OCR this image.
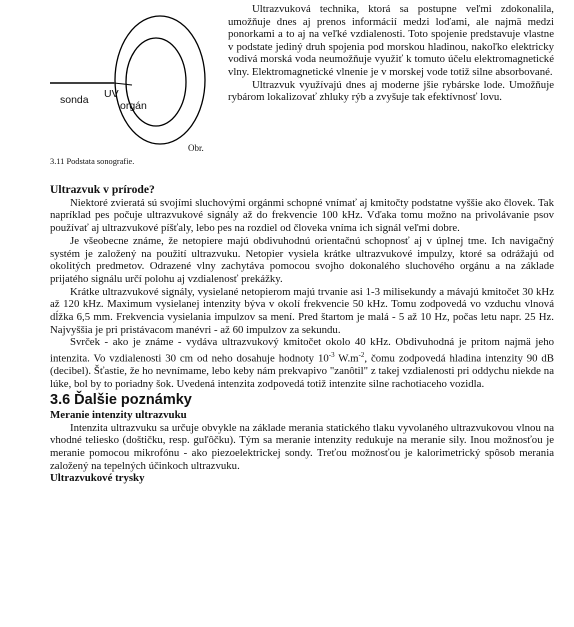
sonda UV
orgán
Obr.
3.11 Podstata sonografie.

Ultrazvuková technika, ktorá sa postupne veľmi zdokonalila, umožňuje dnes aj prenos informácií medzi loďami, ale najmä medzi ponorkami a to aj na veľké vzdialenosti. Toto spojenie predstavuje vlastne v podstate jediný druh spojenia pod morskou hladinou, nakoľko elektricky vodivá morská voda neumožňuje využiť k tomuto účelu elektromagnetické vlny. Elektromagnetické vlnenie je v morskej vode totiž silne absorbované.

Ultrazvuk využívajú dnes aj moderne jšie rybárske lode. Umožňuje rybárom lokalizovať zhluky rýb a zvyšuje tak efektívnosť lovu.

Ultrazvuk v prírode?

Niektoré zvieratá sú svojími sluchovými orgánmi schopné vnímať aj kmitočty podstatne vyššie ako človek. Tak napríklad pes počuje ultrazvukové signály až do frekvencie 100 kHz. Vďaka tomu možno na privolávanie psov používať aj ultrazvukové píšťaly, lebo pes na rozdiel od človeka vníma ich signál veľmi dobre.

Je všeobecne známe, že netopiere majú obdivuhodnú orientačnú schopnosť aj v úplnej tme. Ich navigačný systém je založený na použití ultrazvuku. Netopier vysiela krátke ultrazvukové impulzy, ktoré sa odrážajú od okolitých predmetov. Odrazené vlny zachytáva pomocou svojho dokonalého sluchového orgánu a na základe prijatého signálu určí polohu aj vzdialenosť prekážky.

Krátke ultrazvukové signály, vysielané netopierom majú trvanie asi 1-3 milisekundy a mávajú kmitočet 30 kHz až 120 kHz. Maximum vysielanej intenzity býva v okolí frekvencie 50 kHz. Tomu zodpovedá vo vzduchu vlnová dĺžka 6,5 mm. Frekvencia vysielania impulzov sa mení. Pred štartom je malá - 5 až 10 Hz, počas letu napr. 25 Hz. Najvyššia je pri pristávacom manévri - až 60 impulzov za sekundu.

Svrček - ako je známe - vydáva ultrazvukový kmitočet okolo 40 kHz. Obdivuhodná je pritom najmä jeho intenzita. Vo vzdialenosti 30 cm od neho dosahuje hodnoty $10^{-3}$ $W.m^{-2}$, čomu zodpovedá hladina intenzity 90 dB (decibel). Šťastie, že ho nevnímame, lebo keby nám prekvapivo "zanôtil" z takej vzdialenosti pri oddychu niekde na lúke, bol by to poriadny šok. Uvedená intenzita zodpovedá totiž intenzite silne rachotiaceho vozidla.

3.6 Ďalšie poznámky

Meranie intenzity ultrazvuku

Intenzita ultrazvuku sa určuje obvykle na základe merania statického tlaku vyvolaného ultrazvukovou vlnou na vhodné teliesko (doštičku, resp. guľôčku). Tým sa meranie intenzity redukuje na meranie sily. Inou možnosťou je meranie pomocou mikrofónu - ako piezoelektrickej sondy. Treťou možnosťou je kalorimetrický spôsob merania založený na tepelných účinkoch ultrazvuku.

Ultrazvukové trysky
